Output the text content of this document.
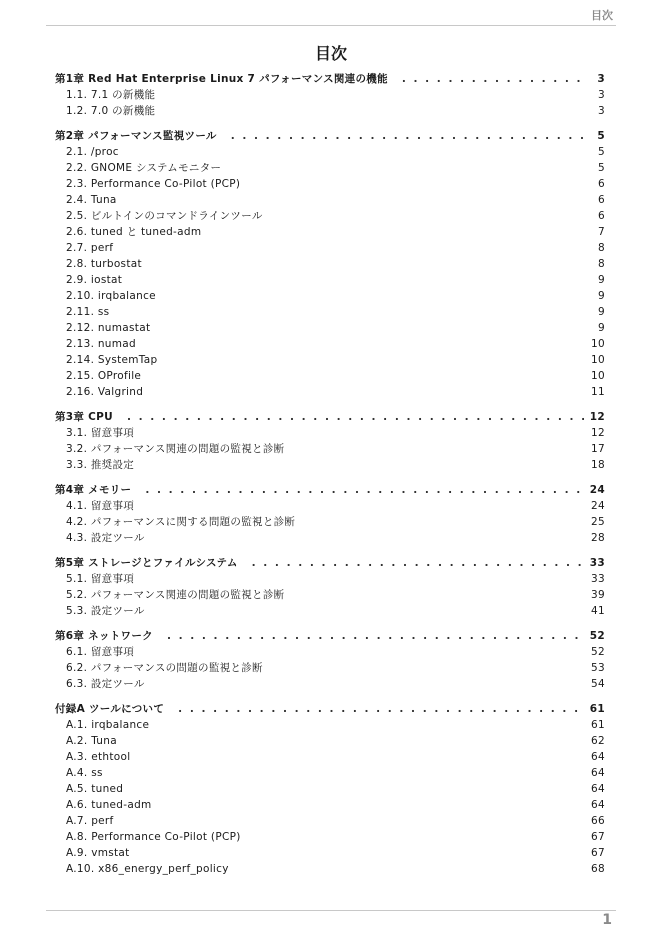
目次
目次
第1章 Red Hat Enterprise Linux 7 パフォーマンス関連の機能 . . .	3
1.1. 7.1 の新機能	3
1.2. 7.0 の新機能	3
第2章 パフォーマンス監視ツール . . .	5
2.1. /proc	5
2.2. GNOME システムモニター	5
2.3. Performance Co-Pilot (PCP)	6
2.4. Tuna	6
2.5. ビルトインのコマンドラインツール	6
2.6. tuned と tuned-adm	7
2.7. perf	8
2.8. turbostat	8
2.9. iostat	9
2.10. irqbalance	9
2.11. ss	9
2.12. numastat	9
2.13. numad	10
2.14. SystemTap	10
2.15. OProfile	10
2.16. Valgrind	11
第3章 CPU . . .	12
3.1. 留意事項	12
3.2. パフォーマンス関連の問題の監視と診断	17
3.3. 推奨設定	18
第4章 メモリー . . .	24
4.1. 留意事項	24
4.2. パフォーマンスに関する問題の監視と診断	25
4.3. 設定ツール	28
第5章 ストレージとファイルシステム . . .	33
5.1. 留意事項	33
5.2. パフォーマンス関連の問題の監視と診断	39
5.3. 設定ツール	41
第6章 ネットワーク . . .	52
6.1. 留意事項	52
6.2. パフォーマンスの問題の監視と診断	53
6.3. 設定ツール	54
付録A ツールについて . . .	61
A.1. irqbalance	61
A.2. Tuna	62
A.3. ethtool	64
A.4. ss	64
A.5. tuned	64
A.6. tuned-adm	64
A.7. perf	66
A.8. Performance Co-Pilot (PCP)	67
A.9. vmstat	67
A.10. x86_energy_perf_policy	68
1
